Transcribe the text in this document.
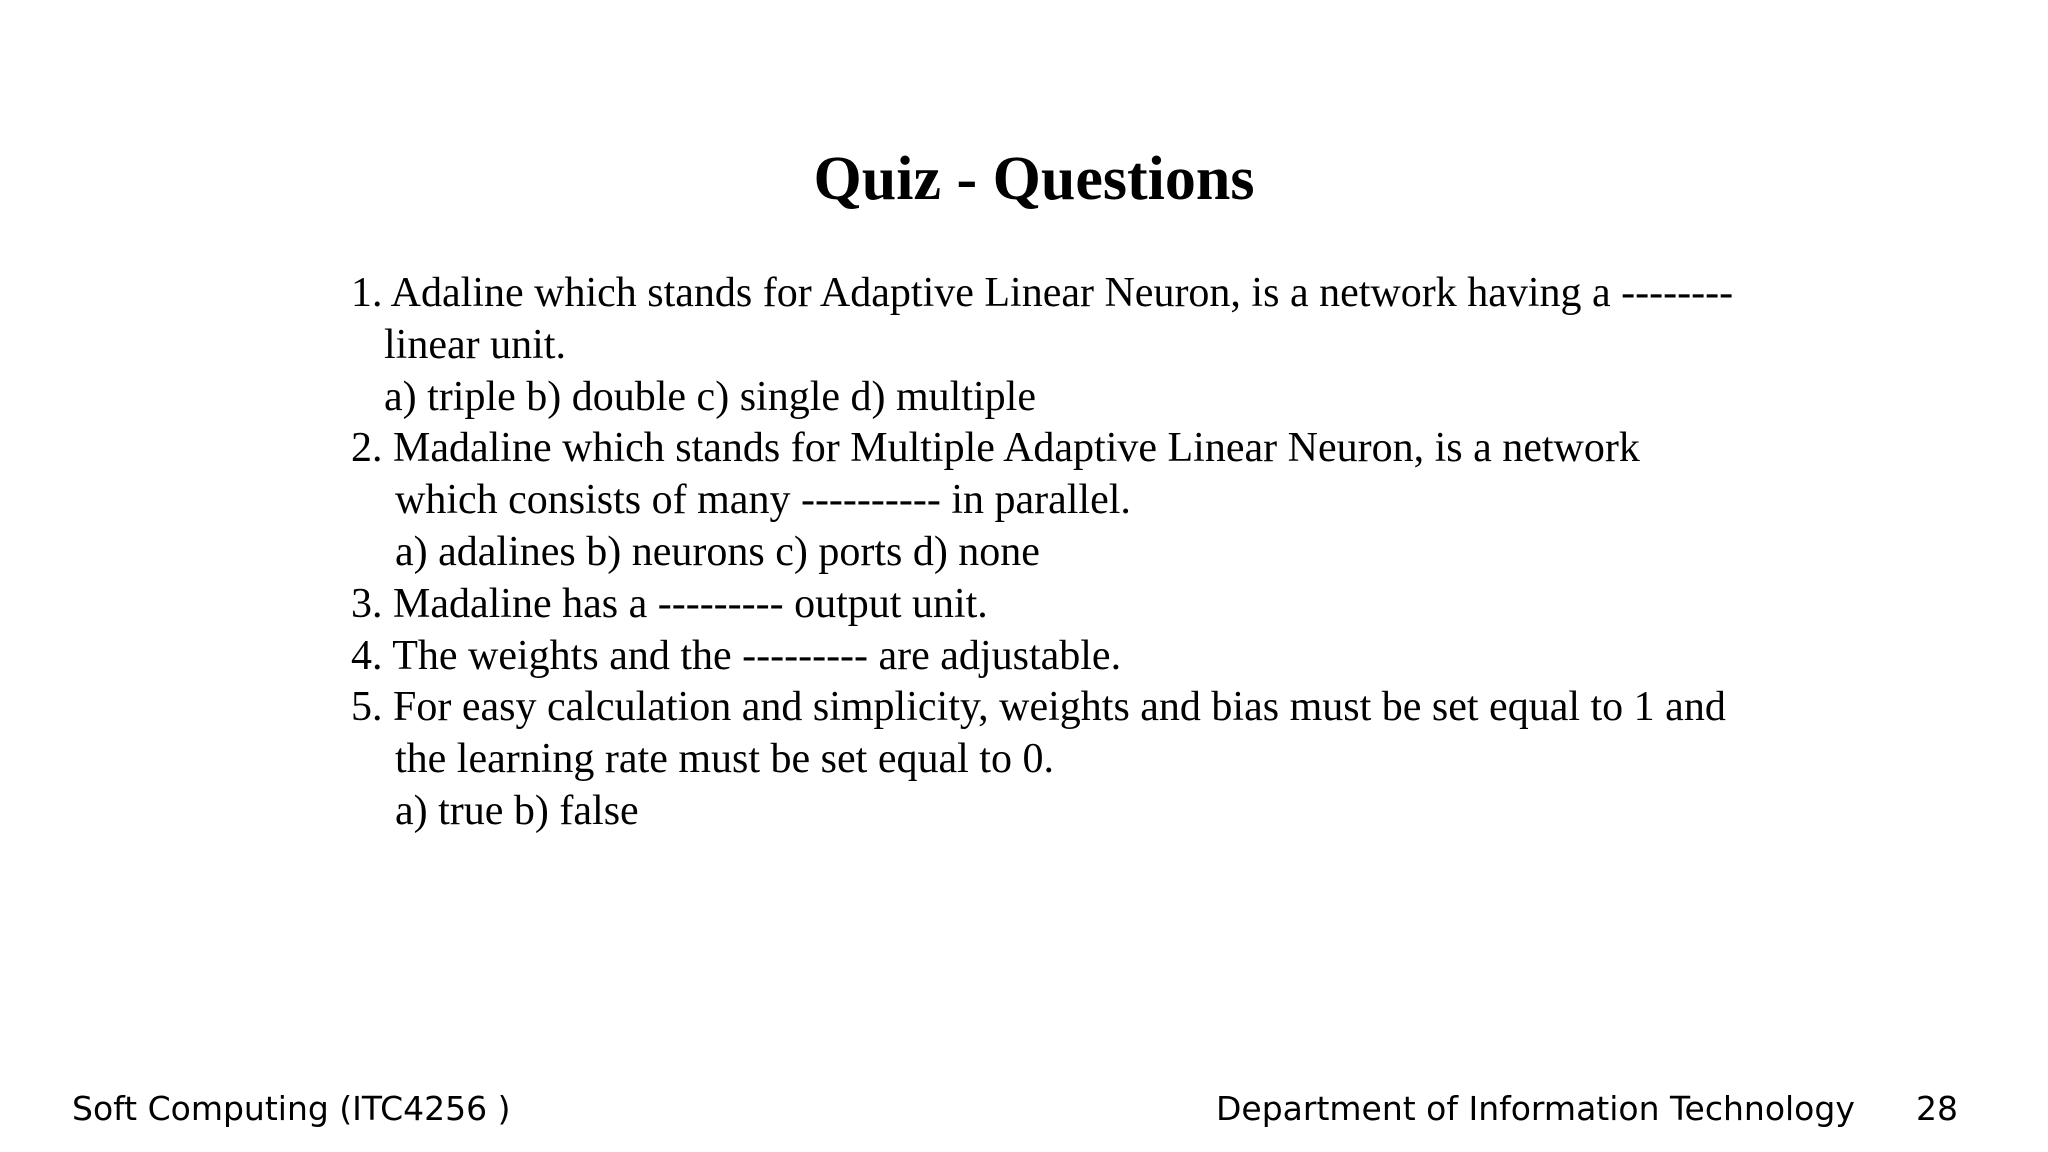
Quiz - Questions
1. Adaline which stands for Adaptive Linear Neuron, is a network having a --------
linear unit.
a) triple b) double c) single d) multiple
2. Madaline which stands for Multiple Adaptive Linear Neuron, is a network
which consists of many ---------- in parallel.
a) adalines b) neurons c) ports d) none
3. Madaline has a --------- output unit.
4. The weights and the --------- are adjustable.
5. For easy calculation and simplicity, weights and bias must be set equal to 1 and
the learning rate must be set equal to 0.
a) true b) false
Soft Computing (ITC4256 )	Department of Information Technology 28
